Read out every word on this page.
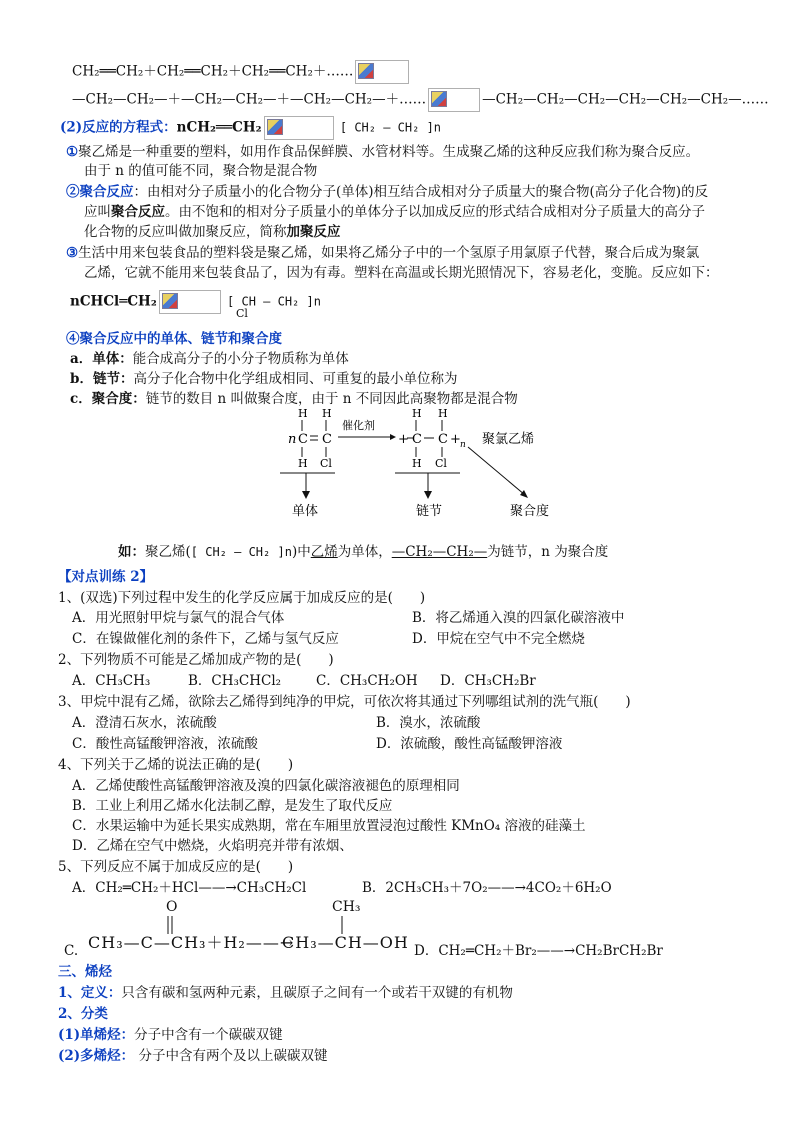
CH₂══CH₂＋CH₂══CH₂＋CH₂══CH₂＋……
—CH₂—CH₂—＋—CH₂—CH₂—＋—CH₂—CH₂—＋……	—CH₂—CH₂—CH₂—CH₂—CH₂—CH₂—……
(2)反应的方程式：nCH₂══CH₂	[ CH₂ — CH₂ ]n
①聚乙烯是一种重要的塑料，如用作食品保鲜膜、水管材料等。生成聚乙烯的这种反应我们称为聚合反应。
由于 n 的值可能不同，聚合物是混合物
②聚合反应：由相对分子质量小的化合物分子(单体)相互结合成相对分子质量大的聚合物(高分子化合物)的反
应叫聚合反应。由不饱和的相对分子质量小的单体分子以加成反应的形式结合成相对分子质量大的高分子
化合物的反应叫做加聚反应，简称加聚反应
③生活中用来包装食品的塑料袋是聚乙烯，如果将乙烯分子中的一个氢原子用氯原子代替，聚合后成为聚氯
乙烯，它就不能用来包装食品了，因为有毒。塑料在高温或长期光照情况下，容易老化，变脆。反应如下：
nCHCl═CH₂	[ CH — CH₂ ]n
Cl
④聚合反应中的单体、链节和聚合度
a．单体：能合成高分子的小分子物质称为单体
b．链节：高分子化合物中化学组成相同、可重复的最小单位称为
c．聚合度：链节的数目 n 叫做聚合度，由于 n 不同因此高聚物都是混合物
n C
H
H
C
H
Cl
催化剂
+ C
H
H
C
H
Cl
+ n 聚氯乙烯
单体	链节	聚合度
如：聚乙烯([ CH₂ — CH₂ ]n)中乙烯为单体，—CH₂—CH₂—为链节，n 为聚合度
【对点训练 2】
1、(双选)下列过程中发生的化学反应属于加成反应的是(　　)
A．用光照射甲烷与氯气的混合气体	B．将乙烯通入溴的四氯化碳溶液中
C．在镍做催化剂的条件下，乙烯与氢气反应	D．甲烷在空气中不完全燃烧
2、下列物质不可能是乙烯加成产物的是(　　)
A．CH₃CH₃	B．CH₃CHCl₂	C．CH₃CH₂OH D．CH₃CH₂Br
3、甲烷中混有乙烯，欲除去乙烯得到纯净的甲烷，可依次将其通过下列哪组试剂的洗气瓶(　　)
A．澄清石灰水，浓硫酸	B．溴水，浓硫酸
C．酸性高锰酸钾溶液，浓硫酸	D．浓硫酸，酸性高锰酸钾溶液
4、下列关于乙烯的说法正确的是(　　)
A．乙烯使酸性高锰酸钾溶液及溴的四氯化碳溶液褪色的原理相同
B．工业上利用乙烯水化法制乙醇，是发生了取代反应
C．水果运输中为延长果实成熟期，常在车厢里放置浸泡过酸性 KMnO₄ 溶液的硅藻土
D．乙烯在空气中燃烧，火焰明亮并带有浓烟、
5、下列反应不属于加成反应的是(　　)
A．CH₂═CH₂＋HCl——→CH₃CH₂Cl	B．2CH₃CH₃＋7O₂——→4CO₂＋6H₂O
C.
O
CH₃—C—CH₃＋H₂——→
CH₃
CH₃—CH—OH D．CH₂═CH₂＋Br₂——→CH₂BrCH₂Br
三、烯烃
1、定义：只含有碳和氢两种元素，且碳原子之间有一个或若干双键的有机物
2、分类
(1)单烯烃：分子中含有一个碳碳双键
(2)多烯烃： 分子中含有两个及以上碳碳双键
